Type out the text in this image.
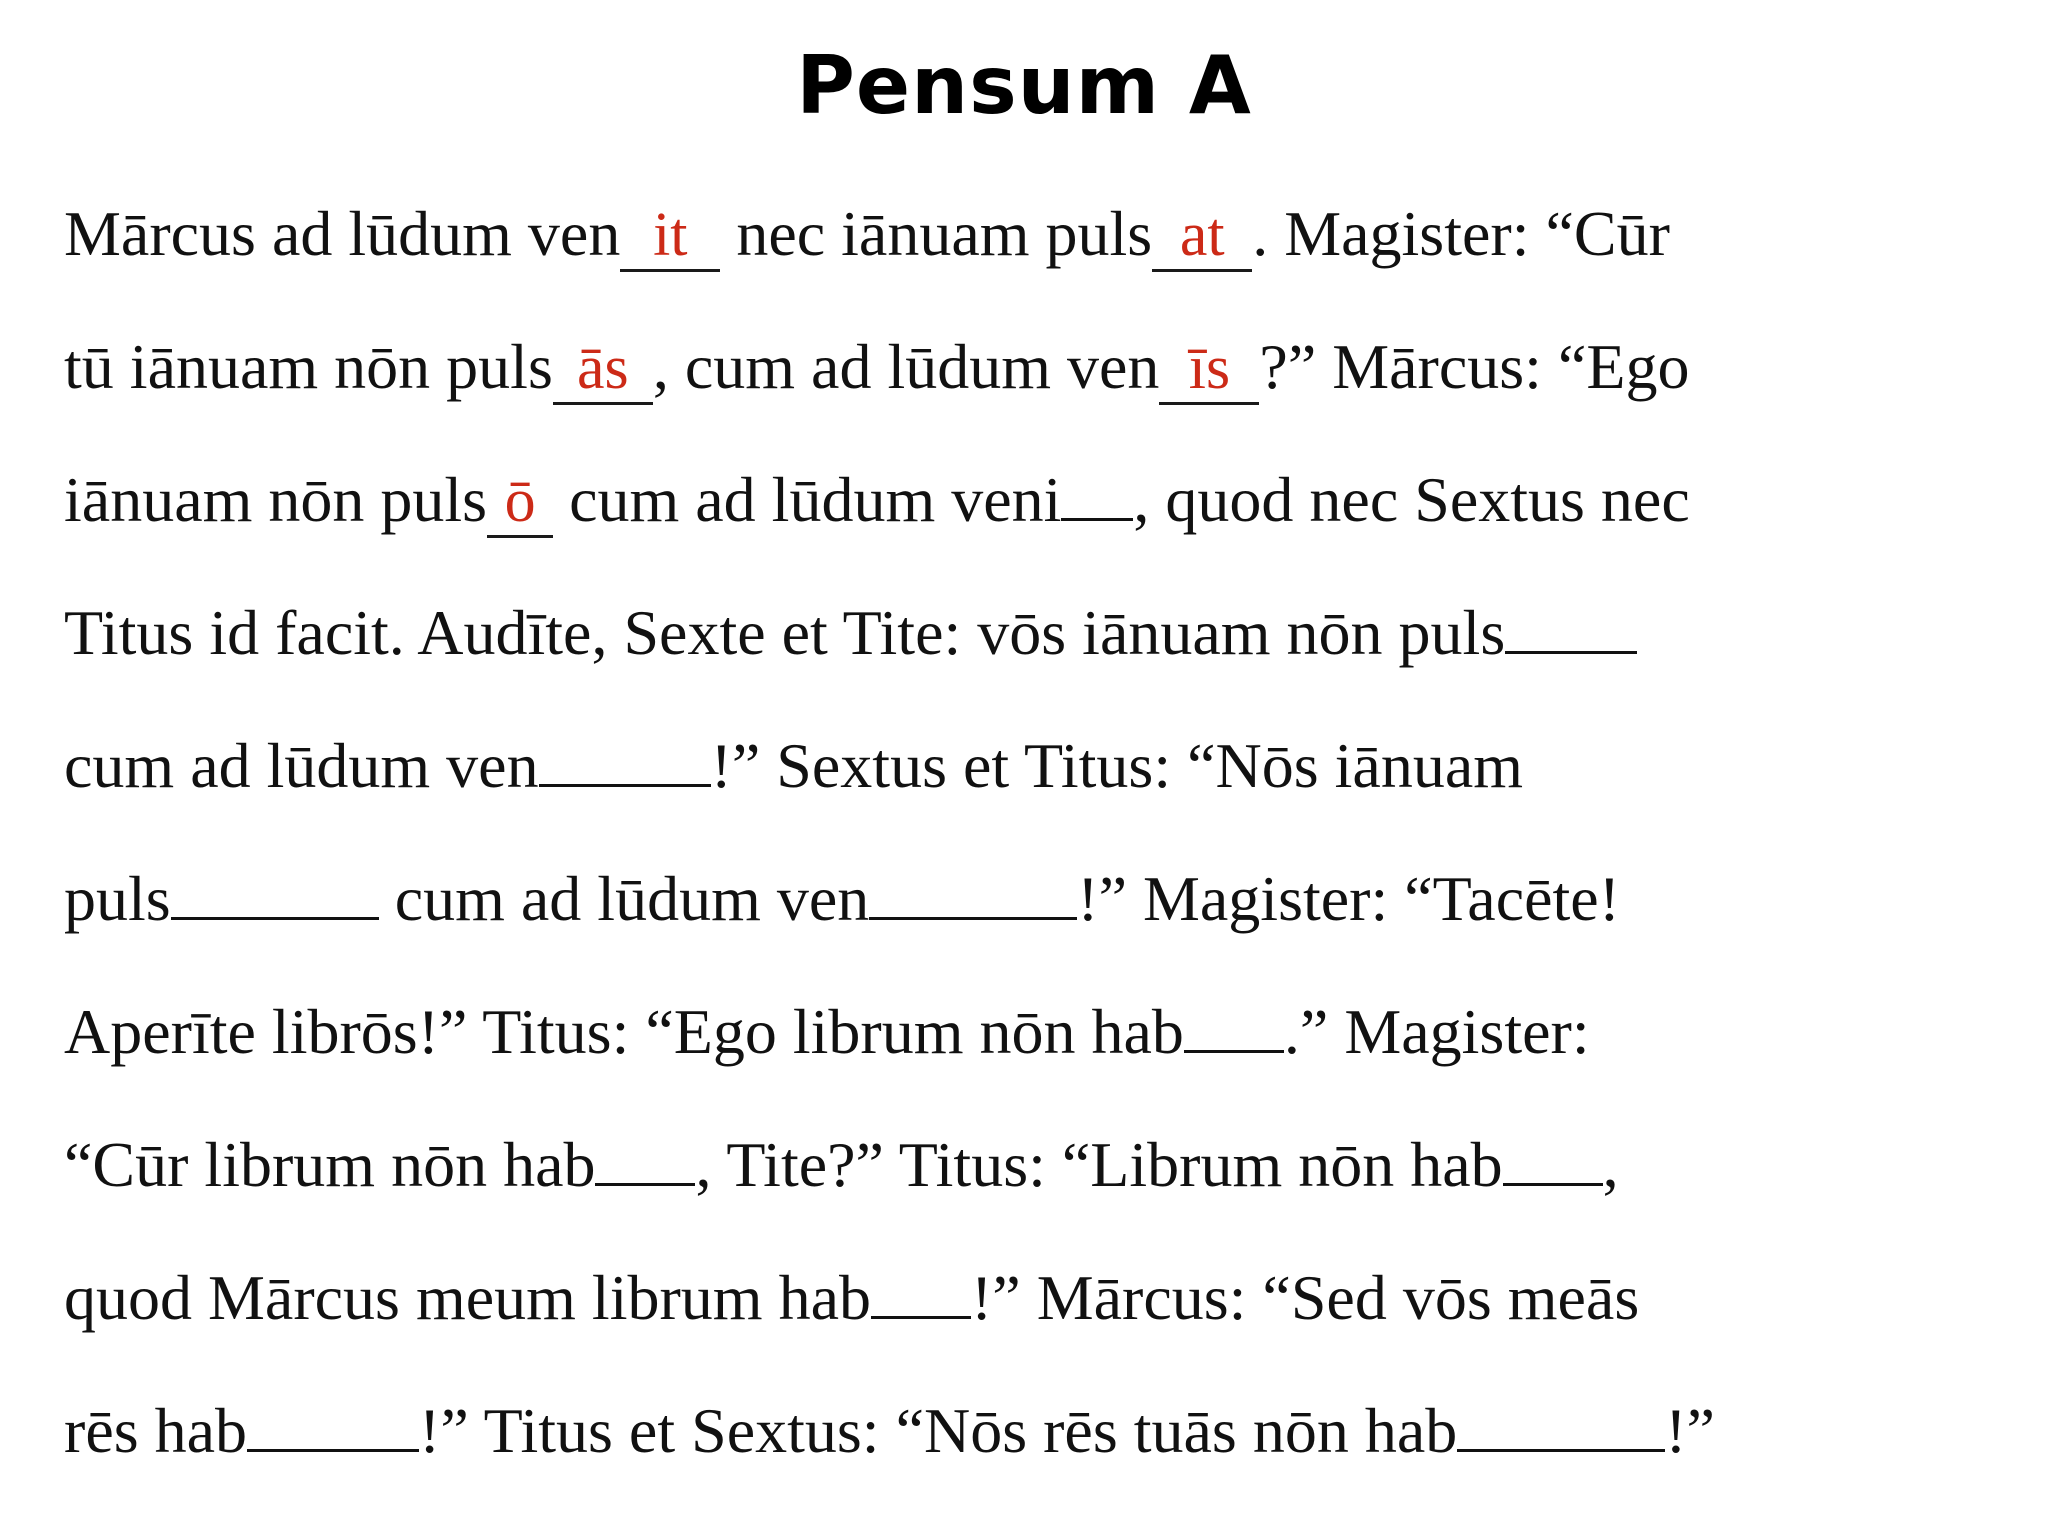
Pensum A
Mārcus ad lūdum ven it nec iānuam puls at . Magister: “Cūr
tū iānuam nōn puls ās , cum ad lūdum ven īs ?” Mārcus: “Ego
iānuam nōn puls ō cum ad lūdum veni , quod nec Sextus nec
Titus id facit. Audīte, Sexte et Tite: vōs iānuam nōn puls
cum ad lūdum ven	!” Sextus et Titus: “Nōs iānuam
puls	cum ad lūdum ven	!” Magister: “Tacēte!
Aperīte librōs!” Titus: “Ego librum nōn hab .” Magister:
“Cūr librum nōn hab , Tite?” Titus: “Librum nōn hab ,
quod Mārcus meum librum hab !” Mārcus: “Sed vōs meās
rēs hab	!” Titus et Sextus: “Nōs rēs tuās nōn hab	!”
